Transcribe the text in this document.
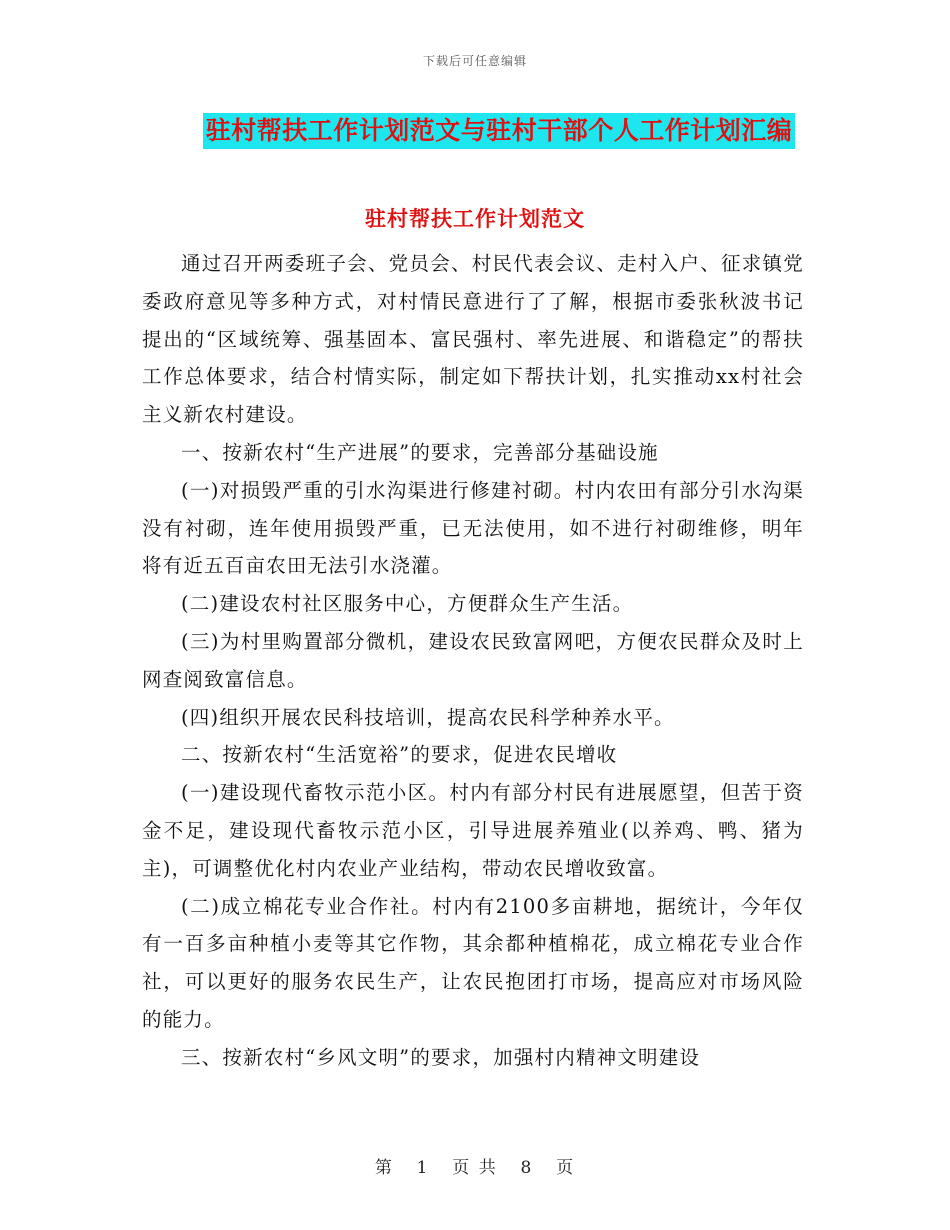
下载后可任意编辑
驻村帮扶工作计划范文与驻村干部个人工作计划汇编
驻村帮扶工作计划范文

通过召开两委班子会、党员会、村民代表会议、走村入户、征求镇党委政府意见等多种方式，对村情民意进行了了解，根据市委张秋波书记提出的“区域统筹、强基固本、富民强村、率先进展、和谐稳定”的帮扶工作总体要求，结合村情实际，制定如下帮扶计划，扎实推动xx村社会主义新农村建设。

一、按新农村“生产进展”的要求，完善部分基础设施

(一)对损毁严重的引水沟渠进行修建衬砌。村内农田有部分引水沟渠没有衬砌，连年使用损毁严重，已无法使用，如不进行衬砌维修，明年将有近五百亩农田无法引水浇灌。

(二)建设农村社区服务中心，方便群众生产生活。

(三)为村里购置部分微机，建设农民致富网吧，方便农民群众及时上网查阅致富信息。

(四)组织开展农民科技培训，提高农民科学种养水平。

二、按新农村“生活宽裕”的要求，促进农民增收

(一)建设现代畜牧示范小区。村内有部分村民有进展愿望，但苦于资金不足，建设现代畜牧示范小区，引导进展养殖业(以养鸡、鸭、猪为主)，可调整优化村内农业产业结构，带动农民增收致富。

(二)成立棉花专业合作社。村内有2100多亩耕地，据统计，今年仅有一百多亩种植小麦等其它作物，其余都种植棉花，成立棉花专业合作社，可以更好的服务农民生产，让农民抱团打市场，提高应对市场风险的能力。

三、按新农村“乡风文明”的要求，加强村内精神文明建设

第 1 页 共 8 页
